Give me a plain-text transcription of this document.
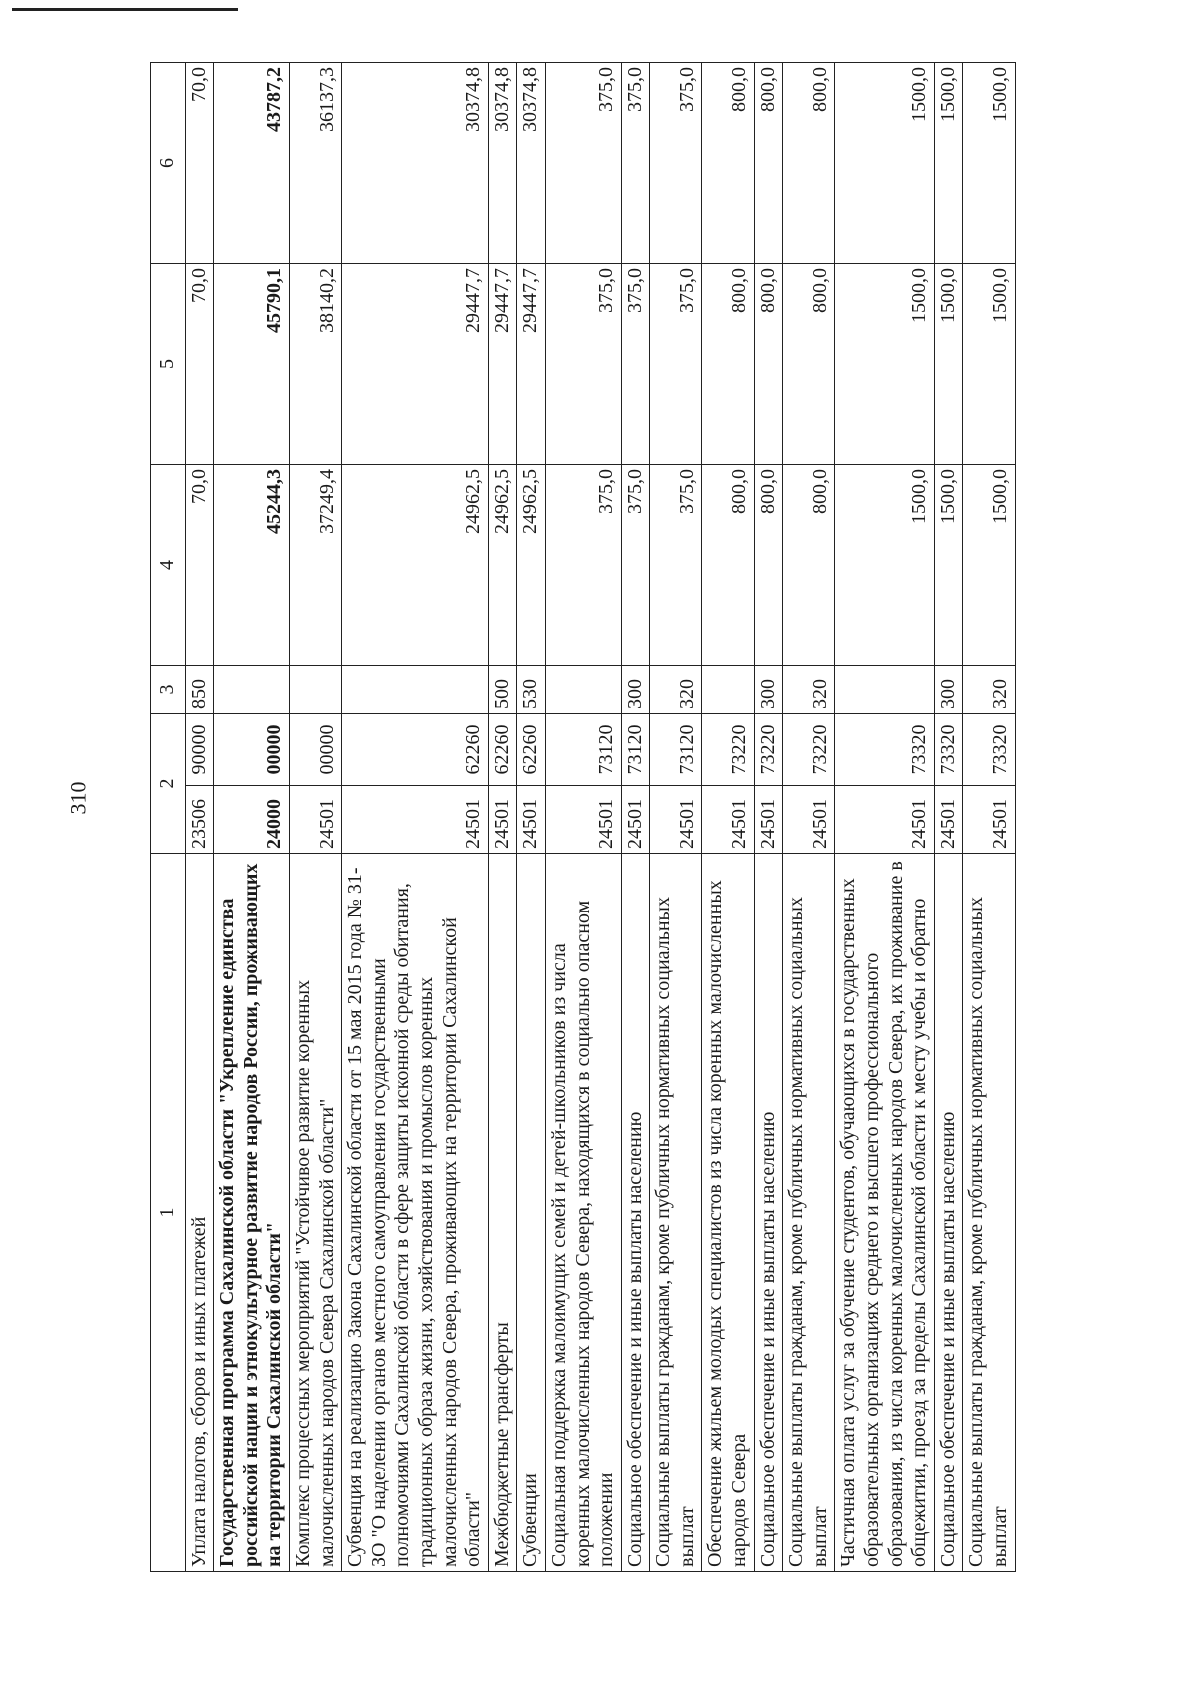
310
1	2		3	4	5	6
Уплата налогов, сборов и иных платежей	23506	90000	850	70,0	70,0	70,0
Государственная программа Сахалинской области "Укрепление единства российской нации и этнокультурное развитие народов России, проживающих на территории Сахалинской области"	24000	00000		45244,3	45790,1	43787,2
Комплекс процессных мероприятий "Устойчивое развитие коренных малочисленных народов Севера Сахалинской области"	24501	00000		37249,4	38140,2	36137,3
Субвенция на реализацию Закона Сахалинской области от 15 мая 2015 года № 31-ЗО "О наделении органов местного самоуправления государственными полномочиями Сахалинской области в сфере защиты исконной среды обитания, традиционных образа жизни, хозяйствования и промыслов коренных малочисленных народов Севера, проживающих на территории Сахалинской области"	24501	62260		24962,5	29447,7	30374,8
Межбюджетные трансферты	24501	62260	500	24962,5	29447,7	30374,8
Субвенции	24501	62260	530	24962,5	29447,7	30374,8
Социальная поддержка малоимущих семей и детей-школьников из числа коренных малочисленных народов Севера, находящихся в социально опасном положении	24501	73120		375,0	375,0	375,0
Социальное обеспечение и иные выплаты населению	24501	73120	300	375,0	375,0	375,0
Социальные выплаты гражданам, кроме публичных нормативных социальных выплат	24501	73120	320	375,0	375,0	375,0
Обеспечение жильем молодых специалистов из числа коренных малочисленных народов Севера	24501	73220		800,0	800,0	800,0
Социальное обеспечение и иные выплаты населению	24501	73220	300	800,0	800,0	800,0
Социальные выплаты гражданам, кроме публичных нормативных социальных выплат	24501	73220	320	800,0	800,0	800,0
Частичная оплата услуг за обучение студентов, обучающихся в государственных образовательных организациях среднего и высшего профессионального образования, из числа коренных малочисленных народов Севера, их проживание в общежитии, проезд за пределы Сахалинской области к месту учебы и обратно	24501	73320		1500,0	1500,0	1500,0
Социальное обеспечение и иные выплаты населению	24501	73320	300	1500,0	1500,0	1500,0
Социальные выплаты гражданам, кроме публичных нормативных социальных выплат	24501	73320	320	1500,0	1500,0	1500,0
